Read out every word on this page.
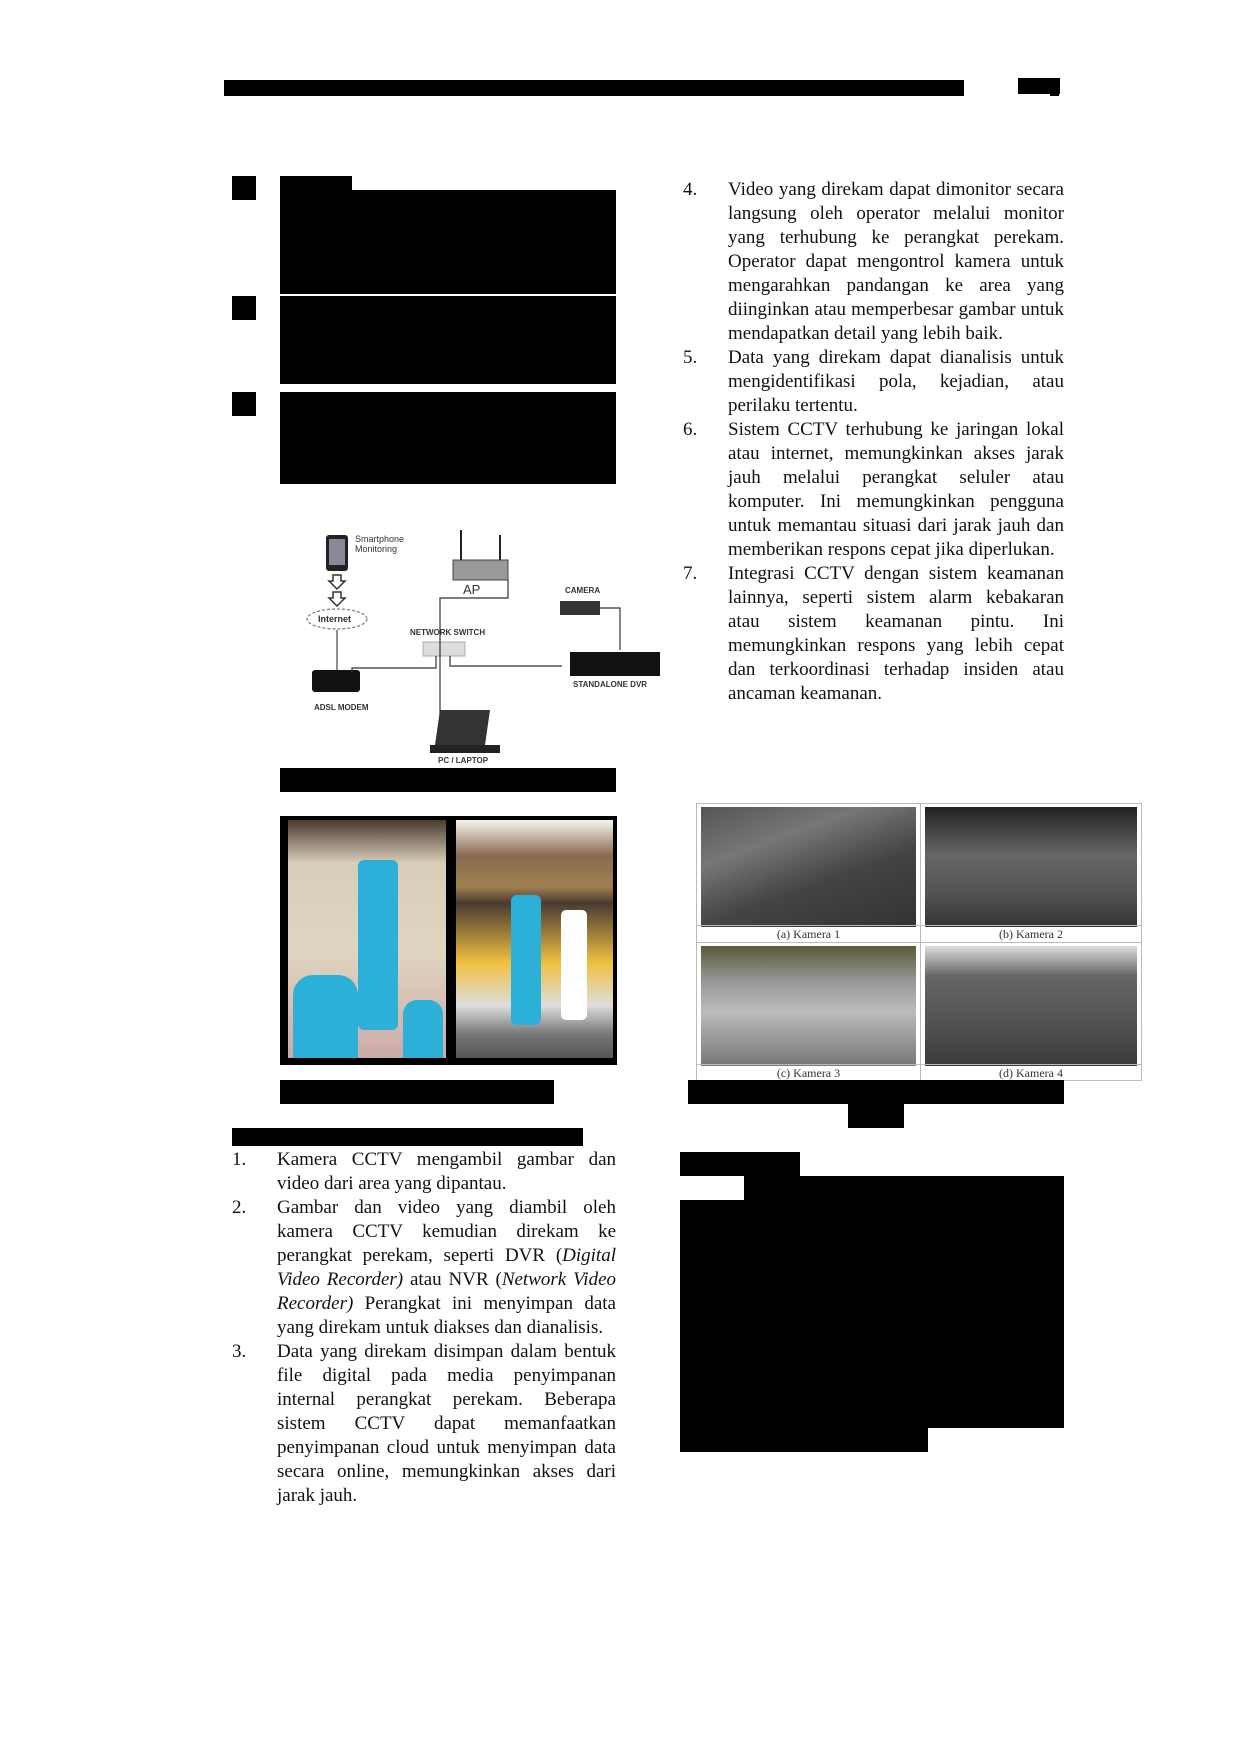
Smartphone Monitoring
Internet
AP	CAMERA
NETWORK SWITCH
ADSL MODEM
STANDALONE DVR
PC / LAPTOP
1. Kamera CCTV mengambil gambar dan video dari area yang dipantau.
2. Gambar dan video yang diambil oleh kamera CCTV kemudian direkam ke perangkat perekam, seperti DVR (Digital Video Recorder) atau NVR (Network Video Recorder) Perangkat ini menyimpan data yang direkam untuk diakses dan dianalisis.
3. Data yang direkam disimpan dalam bentuk file digital pada media penyimpanan internal perangkat perekam. Beberapa sistem CCTV dapat memanfaatkan penyimpanan cloud untuk menyimpan data secara online, memungkinkan akses dari jarak jauh.
4. Video yang direkam dapat dimonitor secara langsung oleh operator melalui monitor yang terhubung ke perangkat perekam. Operator dapat mengontrol kamera untuk mengarahkan pandangan ke area yang diinginkan atau memperbesar gambar untuk mendapatkan detail yang lebih baik.
5. Data yang direkam dapat dianalisis untuk mengidentifikasi pola, kejadian, atau perilaku tertentu.
6. Sistem CCTV terhubung ke jaringan lokal atau internet, memungkinkan akses jarak jauh melalui perangkat seluler atau komputer. Ini memungkinkan pengguna untuk memantau situasi dari jarak jauh dan memberikan respons cepat jika diperlukan.
7. Integrasi CCTV dengan sistem keamanan lainnya, seperti sistem alarm kebakaran atau sistem keamanan pintu. Ini memungkinkan respons yang lebih cepat dan terkoordinasi terhadap insiden atau ancaman keamanan.
(a) Kamera 1	(b) Kamera 2
(c) Kamera 3	(d) Kamera 4
